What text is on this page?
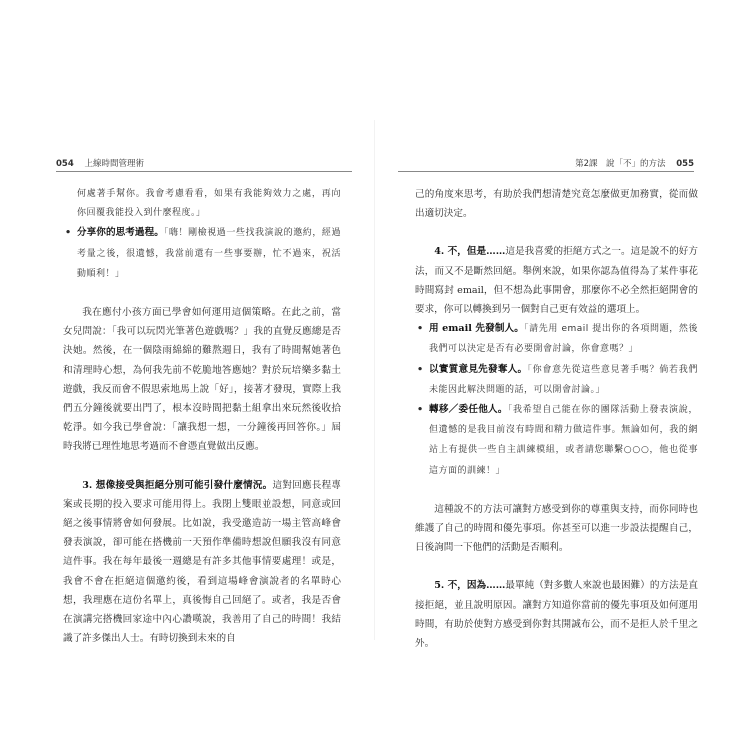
054 上線時間管理術

何處著手幫你。我會考慮看看，如果有我能夠效力之處，再向你回覆我能投入到什麼程度。」

• 分享你的思考過程。「嗨！剛檢視過一些找我演說的邀約，經過考量之後，很遺憾，我當前還有一些事要辦，忙不過來，祝活動順利！」

我在應付小孩方面已學會如何運用這個策略。在此之前，當女兒問說：「我可以玩閃光筆著色遊戲嗎？」我的直覺反應總是否決她。然後，在一個陰雨綿綿的難熬週日，我有了時間幫她著色和清理時心想，為何我先前不乾脆地答應她？對於玩培樂多黏土遊戲，我反而會不假思索地馬上說「好」，接著才發現，實際上我們五分鐘後就要出門了，根本沒時間把黏土組拿出來玩然後收拾乾淨。如今我已學會說：「讓我想一想，一分鐘後再回答你。」屆時我將已理性地思考過而不會憑直覺做出反應。

3. 想像接受與拒絕分別可能引發什麼情況。這對回應長程專案或長期的投入要求可能用得上。我閉上雙眼並設想，同意或回絕之後事情將會如何發展。比如說，我受邀造訪一場主管高峰會發表演說，卻可能在搭機前一天預作準備時想說但願我沒有同意這件事。我在每年最後一週總是有許多其他事情要處理！或是，我會不會在拒絕這個邀約後，看到這場峰會演說者的名單時心想，我理應在這份名單上，真後悔自己回絕了。或者，我是否會在演講完搭機回家途中內心讚嘆說，我善用了自己的時間！我結識了許多傑出人士。有時切換到未來的自

第2課　說「不」的方法 055

己的角度來思考，有助於我們想清楚究竟怎麼做更加務實，從而做出適切決定。

4. 不，但是……這是我喜愛的拒絕方式之一。這是說不的好方法，而又不是斷然回絕。舉例來說，如果你認為值得為了某件事花時間寫封 email，但不想為此事開會，那麼你不必全然拒絕開會的要求，你可以轉換到另一個對自己更有效益的選項上。

• 用 email 先發制人。「請先用 email 提出你的各項問題，然後我們可以決定是否有必要開會討論，你會意嗎？」

• 以實質意見先發奪人。「你會意先從這些意見著手嗎？倘若我們未能因此解決問題的話，可以開會討論。」

• 轉移／委任他人。「我希望自己能在你的團隊活動上發表演說，但遺憾的是我目前沒有時間和精力做這件事。無論如何，我的網站上有提供一些自主訓練模組，或者請您聯繫○○○，他也從事這方面的訓練！」

這種說不的方法可讓對方感受到你的尊重與支持，而你同時也維護了自己的時間和優先事項。你甚至可以進一步設法提醒自己，日後詢問一下他們的活動是否順利。

5. 不，因為……最單純（對多數人來說也最困難）的方法是直接拒絕，並且說明原因。讓對方知道你當前的優先事項及如何運用時間，有助於使對方感受到你對其開誠布公，而不是拒人於千里之外。
